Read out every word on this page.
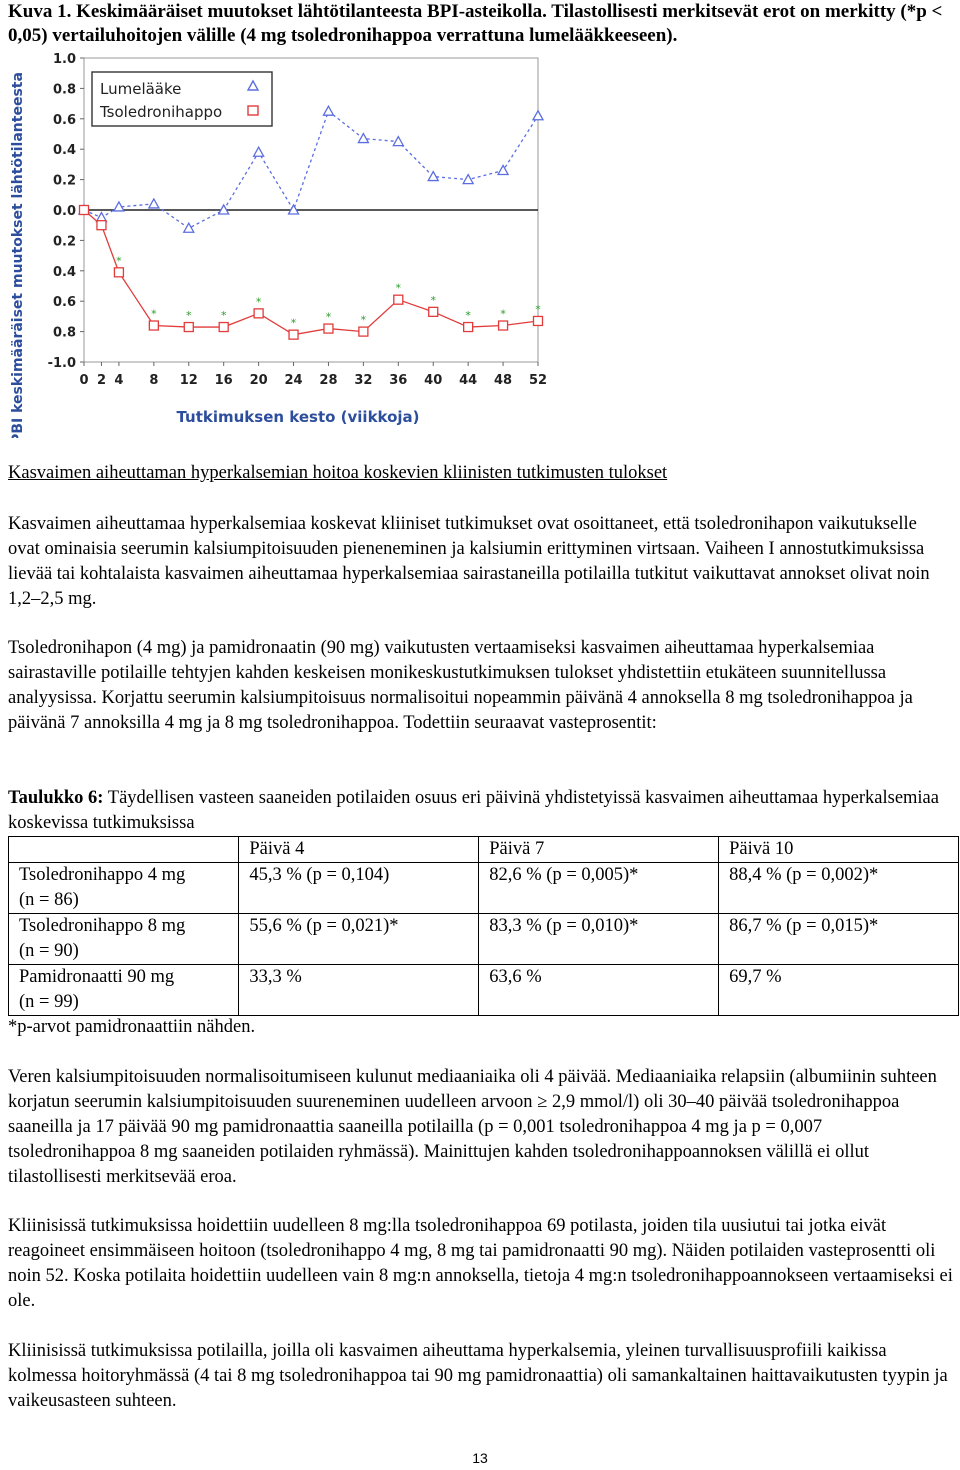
Kuva 1. Keskimääräiset muutokset lähtötilanteesta BPI-asteikolla. Tilastollisesti merkitsevät erot on merkitty (*p < 0,05) vertailuhoitojen välille (4 mg tsoledronihappoa verrattuna lumelääkkeeseen).
1.0
0.8
0.6
0.4
0.2
0.0
0.2
0.4
0.6
0.8
-1.0
0 2 4 8 12 16 20 24 28 32 36 40 44 48 52
*
*	*	*
*
*	*	*
*
*
*	*	*
Lumelääke
Tsoledronihappo
PBI keskimääräiset muutokset lähtötilanteesta	Tutkimuksen kesto (viikkoja)

Kasvaimen aiheuttaman hyperkalsemian hoitoa koskevien kliinisten tutkimusten tulokset

Kasvaimen aiheuttamaa hyperkalsemiaa koskevat kliiniset tutkimukset ovat osoittaneet, että tsoledronihapon vaikutukselle ovat ominaisia seerumin kalsiumpitoisuuden pieneneminen ja kalsiumin erittyminen virtsaan. Vaiheen I annostutkimuksissa lievää tai kohtalaista kasvaimen aiheuttamaa hyperkalsemiaa sairastaneilla potilailla tutkitut vaikuttavat annokset olivat noin 1,2–2,5 mg.

Tsoledronihapon (4 mg) ja pamidronaatin (90 mg) vaikutusten vertaamiseksi kasvaimen aiheuttamaa hyperkalsemiaa sairastaville potilaille tehtyjen kahden keskeisen monikeskustutkimuksen tulokset yhdistettiin etukäteen suunnitellussa analyysissa. Korjattu seerumin kalsiumpitoisuus normalisoitui nopeammin päivänä 4 annoksella 8 mg tsoledronihappoa ja päivänä 7 annoksilla 4 mg ja 8 mg tsoledronihappoa. Todettiin seuraavat vasteprosentit:

Taulukko 6: Täydellisen vasteen saaneiden potilaiden osuus eri päivinä yhdistetyissä kasvaimen aiheuttamaa hyperkalsemiaa koskevissa tutkimuksissa

	Päivä 4	Päivä 7	Päivä 10
Tsoledronihappo 4 mg
(n = 86)	45,3 % (p = 0,104)	82,6 % (p = 0,005)*	88,4 % (p = 0,002)*
Tsoledronihappo 8 mg
(n = 90)	55,6 % (p = 0,021)*	83,3 % (p = 0,010)*	86,7 % (p = 0,015)*
Pamidronaatti 90 mg
(n = 99)	33,3 %	63,6 %	69,7 %

*p-arvot pamidronaattiin nähden.

Veren kalsiumpitoisuuden normalisoitumiseen kulunut mediaaniaika oli 4 päivää. Mediaaniaika relapsiin (albumiinin suhteen korjatun seerumin kalsiumpitoisuuden suureneminen uudelleen arvoon ≥ 2,9 mmol/l) oli 30–40 päivää tsoledronihappoa saaneilla ja 17 päivää 90 mg pamidronaattia saaneilla potilailla (p = 0,001 tsoledronihappoa 4 mg ja p = 0,007 tsoledronihappoa 8 mg saaneiden potilaiden ryhmässä). Mainittujen kahden tsoledronihappoannoksen välillä ei ollut tilastollisesti merkitsevää eroa.

Kliinisissä tutkimuksissa hoidettiin uudelleen 8 mg:lla tsoledronihappoa 69 potilasta, joiden tila uusiutui tai jotka eivät reagoineet ensimmäiseen hoitoon (tsoledronihappo 4 mg, 8 mg tai pamidronaatti 90 mg). Näiden potilaiden vasteprosentti oli noin 52. Koska potilaita hoidettiin uudelleen vain 8 mg:n annoksella, tietoja 4 mg:n tsoledronihappoannokseen vertaamiseksi ei ole.

Kliinisissä tutkimuksissa potilailla, joilla oli kasvaimen aiheuttama hyperkalsemia, yleinen turvallisuusprofiili kaikissa kolmessa hoitoryhmässä (4 tai 8 mg tsoledronihappoa tai 90 mg pamidronaattia) oli samankaltainen haittavaikutusten tyypin ja vaikeusasteen suhteen.

13
